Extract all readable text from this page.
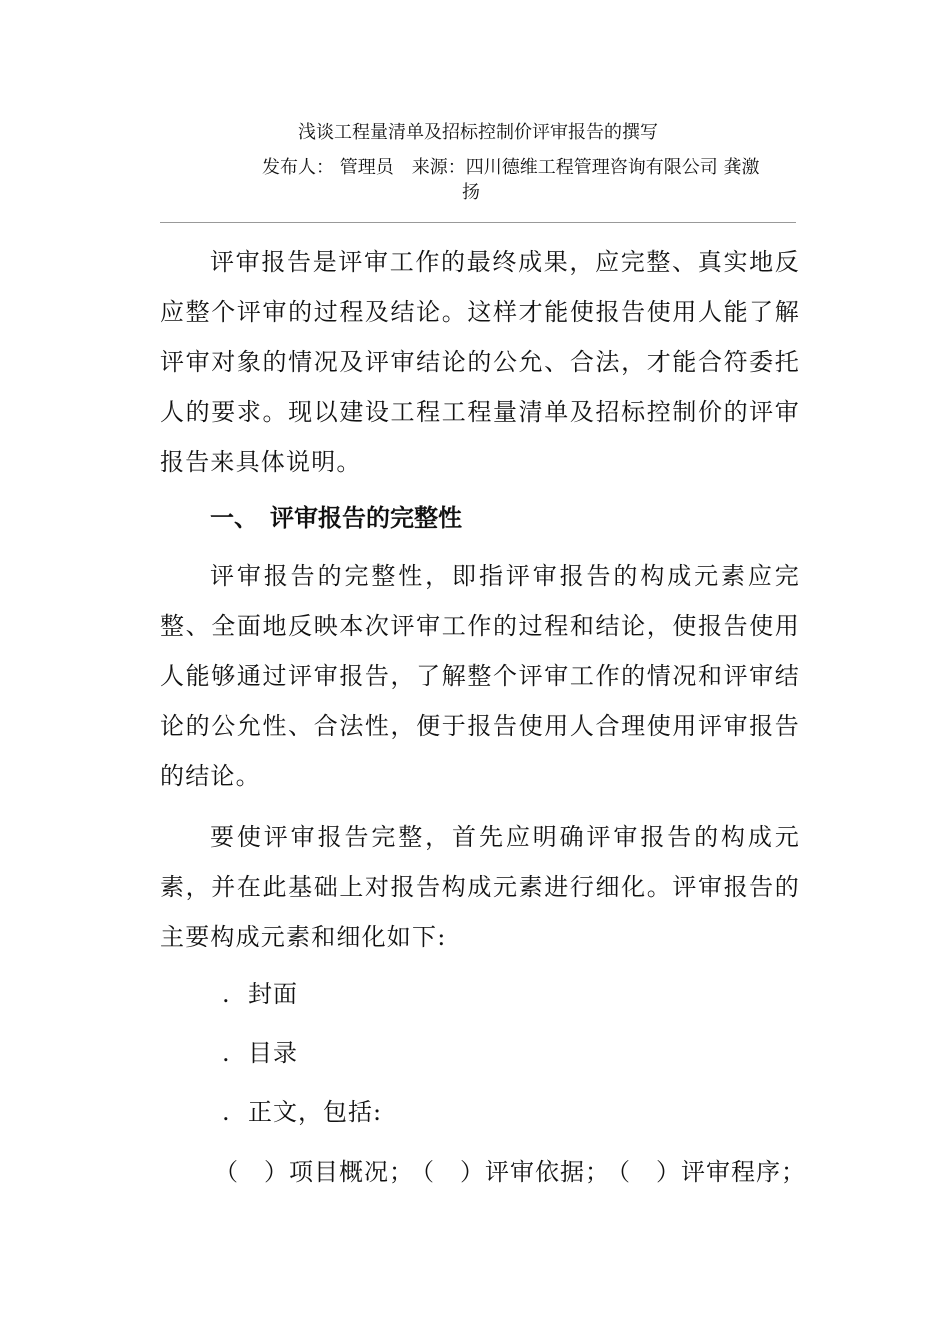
浅谈工程量清单及招标控制价评审报告的撰写
发布人： 管理员　来源：四川德维工程管理咨询有限公司 龚激
扬
评审报告是评审工作的最终成果，应完整、真实地反应整个评审的过程及结论。这样才能使报告使用人能了解评审对象的情况及评审结论的公允、合法，才能合符委托人的要求。现以建设工程工程量清单及招标控制价的评审报告来具体说明。
一、 评审报告的完整性
评审报告的完整性，即指评审报告的构成元素应完整、全面地反映本次评审工作的过程和结论，使报告使用人能够通过评审报告，了解整个评审工作的情况和评审结论的公允性、合法性，便于报告使用人合理使用评审报告的结论。
要使评审报告完整，首先应明确评审报告的构成元素，并在此基础上对报告构成元素进行细化。评审报告的主要构成元素和细化如下:
. 封面
. 目录
. 正文，包括:
（　）项目概况； （　）评审依据； （　）评审程序；
